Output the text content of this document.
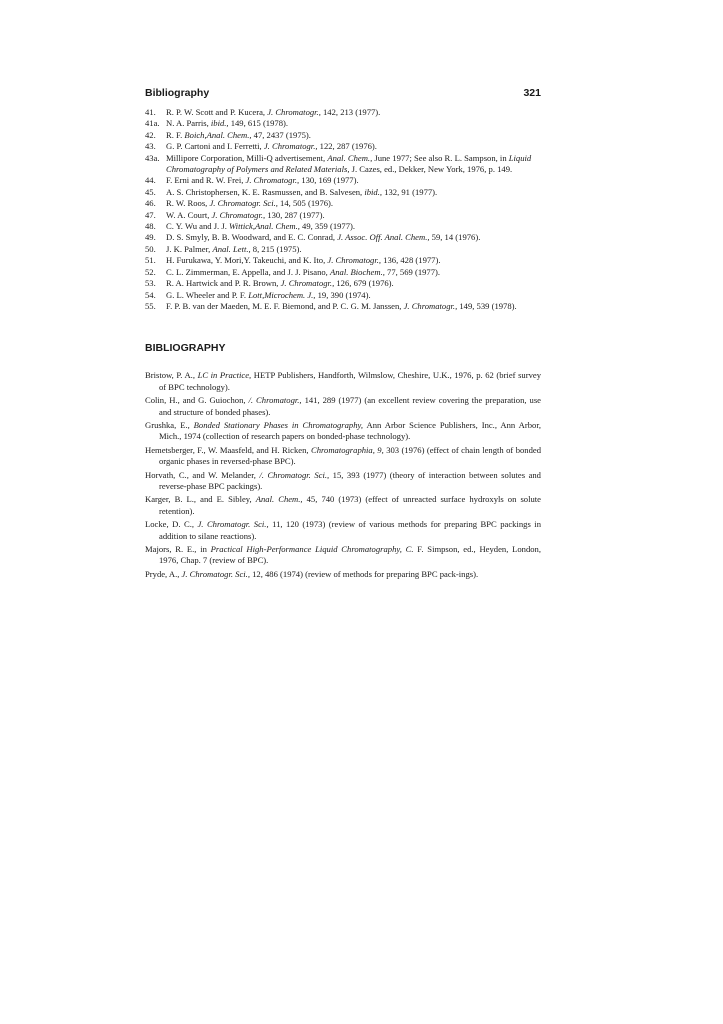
Bibliography	321
41. R. P. W. Scott and P. Kucera, J. Chromatogr., 142, 213 (1977).
41a. N. A. Parris, ibid., 149, 615 (1978).
42. R. F. Boich,Anal. Chem., 47, 2437 (1975).
43. G. P. Cartoni and I. Ferretti, J. Chromatogr., 122, 287 (1976).
43a. Millipore Corporation, Milli-Q advertisement, Anal. Chem., June 1977; See also R. L. Sampson, in Liquid Chromatography of Polymers and Related Materials, J. Cazes, ed., Dekker, New York, 1976, p. 149.
44. F. Erni and R. W. Frei, J. Chromatogr., 130, 169 (1977).
45. A. S. Christophersen, K. E. Rasmussen, and B. Salvesen, ibid., 132, 91 (1977).
46. R. W. Roos, J. Chromatogr. Sci., 14, 505 (1976).
47. W. A. Court, J. Chromatogr., 130, 287 (1977).
48. C. Y. Wu and J. J. Wittick,Anal. Chem., 49, 359 (1977).
49. D. S. Smyly, B. B. Woodward, and E. C. Conrad, J. Assoc. Off. Anal. Chem., 59, 14 (1976).
50. J. K. Palmer, Anal. Lett., 8, 215 (1975).
51. H. Furukawa, Y. Mori,Y. Takeuchi, and K. Ito, J. Chromatogr., 136, 428 (1977).
52. C. L. Zimmerman, E. Appella, and J. J. Pisano, Anal. Biochem., 77, 569 (1977).
53. R. A. Hartwick and P. R. Brown, J. Chromatogr., 126, 679 (1976).
54. G. L. Wheeler and P. F. Lott,Microchem. J., 19, 390 (1974).
55. F. P. B. van der Maeden, M. E. F. Biemond, and P. C. G. M. Janssen, J. Chromatogr., 149, 539 (1978).
BIBLIOGRAPHY
Bristow, P. A., LC in Practice, HETP Publishers, Handforth, Wilmslow, Cheshire, U.K., 1976, p. 62 (brief survey of BPC technology).
Colin, H., and G. Guiochon, /. Chromatogr., 141, 289 (1977) (an excellent review covering the preparation, use and structure of bonded phases).
Grushka, E., Bonded Stationary Phases in Chromatography, Ann Arbor Science Publishers, Inc., Ann Arbor, Mich., 1974 (collection of research papers on bonded-phase technology).
Hemetsberger, F., W. Maasfeld, and H. Ricken, Chromatographia, 9, 303 (1976) (effect of chain length of bonded organic phases in reversed-phase BPC).
Horvath, C., and W. Melander, /. Chromatogr. Sci., 15, 393 (1977) (theory of interaction between solutes and reverse-phase BPC packings).
Karger, B. L., and E. Sibley, Anal. Chem., 45, 740 (1973) (effect of unreacted surface hydroxyls on solute retention).
Locke, D. C., J. Chromatogr. Sci., 11, 120 (1973) (review of various methods for preparing BPC packings in addition to silane reactions).
Majors, R. E., in Practical High-Performance Liquid Chromatography, C. F. Simpson, ed., Heyden, London, 1976, Chap. 7 (review of BPC).
Pryde, A., J. Chromatogr. Sci., 12, 486 (1974) (review of methods for preparing BPC pack-ings).
